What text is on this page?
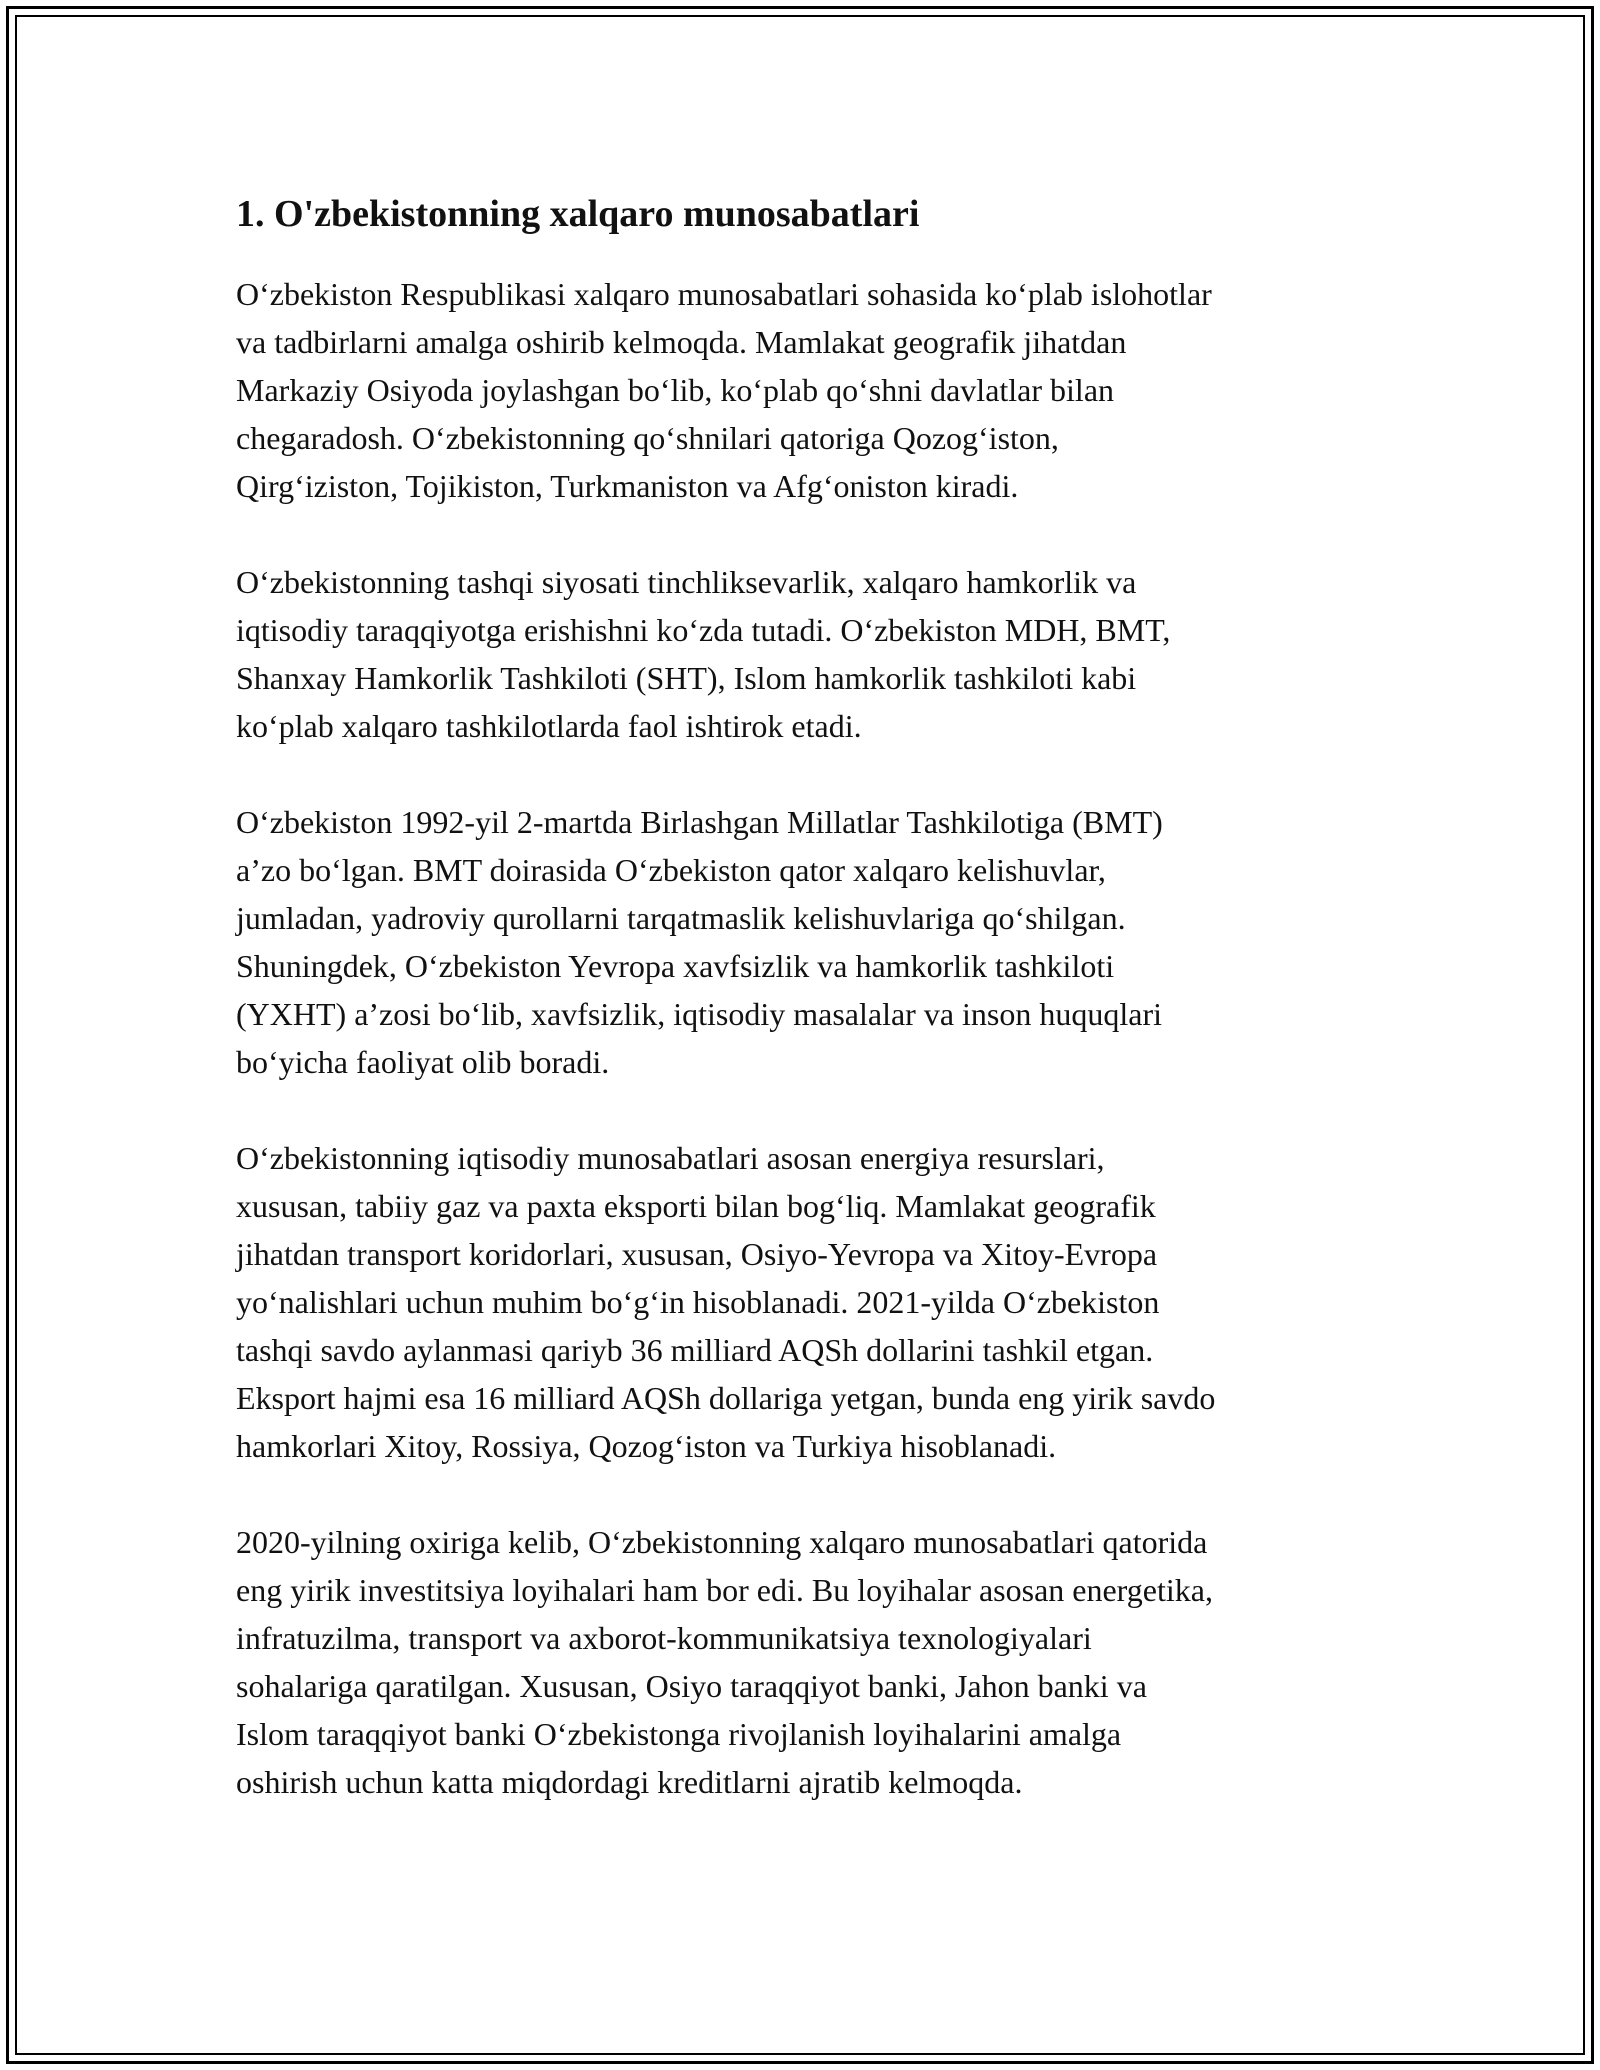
1. O'zbekistonning xalqaro munosabatlari

O‘zbekiston Respublikasi xalqaro munosabatlari sohasida ko‘plab islohotlar
va tadbirlarni amalga oshirib kelmoqda. Mamlakat geografik jihatdan
Markaziy Osiyoda joylashgan bo‘lib, ko‘plab qo‘shni davlatlar bilan
chegaradosh. O‘zbekistonning qo‘shnilari qatoriga Qozog‘iston,
Qirg‘iziston, Tojikiston, Turkmaniston va Afg‘oniston kiradi.

O‘zbekistonning tashqi siyosati tinchliksevarlik, xalqaro hamkorlik va
iqtisodiy taraqqiyotga erishishni ko‘zda tutadi. O‘zbekiston MDH, BMT,
Shanxay Hamkorlik Tashkiloti (SHT), Islom hamkorlik tashkiloti kabi
ko‘plab xalqaro tashkilotlarda faol ishtirok etadi.

O‘zbekiston 1992-yil 2-martda Birlashgan Millatlar Tashkilotiga (BMT)
a’zo bo‘lgan. BMT doirasida O‘zbekiston qator xalqaro kelishuvlar,
jumladan, yadroviy qurollarni tarqatmaslik kelishuvlariga qo‘shilgan.
Shuningdek, O‘zbekiston Yevropa xavfsizlik va hamkorlik tashkiloti
(YXHT) a’zosi bo‘lib, xavfsizlik, iqtisodiy masalalar va inson huquqlari
bo‘yicha faoliyat olib boradi.

O‘zbekistonning iqtisodiy munosabatlari asosan energiya resurslari,
xususan, tabiiy gaz va paxta eksporti bilan bog‘liq. Mamlakat geografik
jihatdan transport koridorlari, xususan, Osiyo-Yevropa va Xitoy-Evropa
yo‘nalishlari uchun muhim bo‘g‘in hisoblanadi. 2021-yilda O‘zbekiston
tashqi savdo aylanmasi qariyb 36 milliard AQSh dollarini tashkil etgan.
Eksport hajmi esa 16 milliard AQSh dollariga yetgan, bunda eng yirik savdo
hamkorlari Xitoy, Rossiya, Qozog‘iston va Turkiya hisoblanadi.

2020-yilning oxiriga kelib, O‘zbekistonning xalqaro munosabatlari qatorida
eng yirik investitsiya loyihalari ham bor edi. Bu loyihalar asosan energetika,
infratuzilma, transport va axborot-kommunikatsiya texnologiyalari
sohalariga qaratilgan. Xususan, Osiyo taraqqiyot banki, Jahon banki va
Islom taraqqiyot banki O‘zbekistonga rivojlanish loyihalarini amalga
oshirish uchun katta miqdordagi kreditlarni ajratib kelmoqda.
